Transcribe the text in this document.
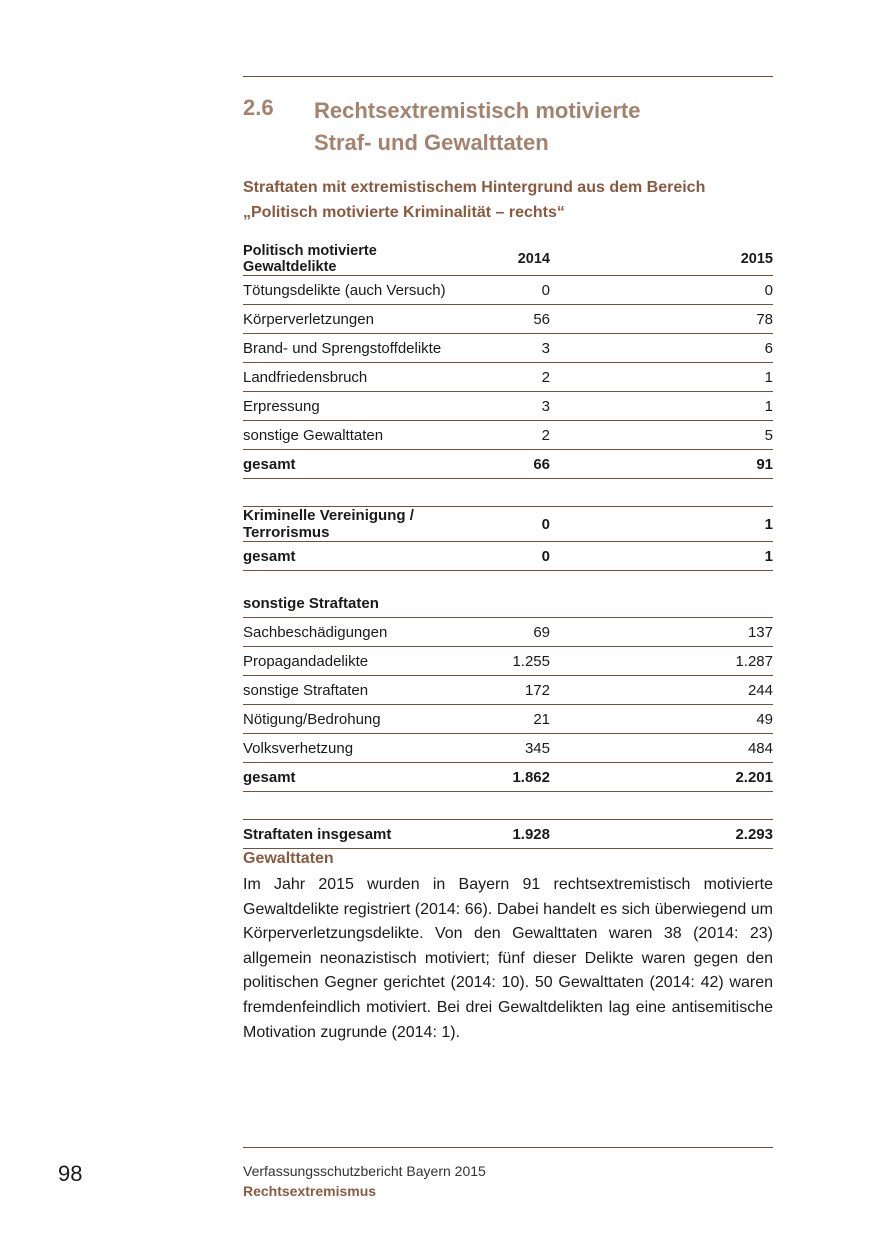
2.6 Rechtsextremistisch motivierte
Straf- und Gewalttaten
Straftaten mit extremistischem Hintergrund aus dem Bereich
„Politisch motivierte Kriminalität – rechts“
Politisch motivierte Gewaltdelikte	2014	2015
Tötungsdelikte (auch Versuch)	0	0
Körperverletzungen	56	78
Brand- und Sprengstoffdelikte	3	6
Landfriedensbruch	2	1
Erpressung	3	1
sonstige Gewalttaten	2	5
gesamt	66	91

Kriminelle Vereinigung / Terrorismus	0	1
gesamt	0	1

sonstige Straftaten		
Sachbeschädigungen	69	137
Propagandadelikte	1.255	1.287
sonstige Straftaten	172	244
Nötigung/Bedrohung	21	49
Volksverhetzung	345	484
gesamt	1.862	2.201

Straftaten insgesamt	1.928	2.293
Gewalttaten
Im Jahr 2015 wurden in Bayern 91 rechtsextremistisch motivierte Gewaltdelikte registriert (2014: 66). Dabei handelt es sich überwiegend um Körperverletzungsdelikte. Von den Gewalttaten waren 38 (2014: 23) allgemein neonazistisch motiviert; fünf dieser Delikte waren gegen den politischen Gegner gerichtet (2014: 10). 50 Gewalttaten (2014: 42) waren fremdenfeindlich motiviert. Bei drei Gewaltdelikten lag eine antisemitische Motivation zugrunde (2014: 1).
98	Verfassungsschutzbericht Bayern 2015
Rechtsextremismus
